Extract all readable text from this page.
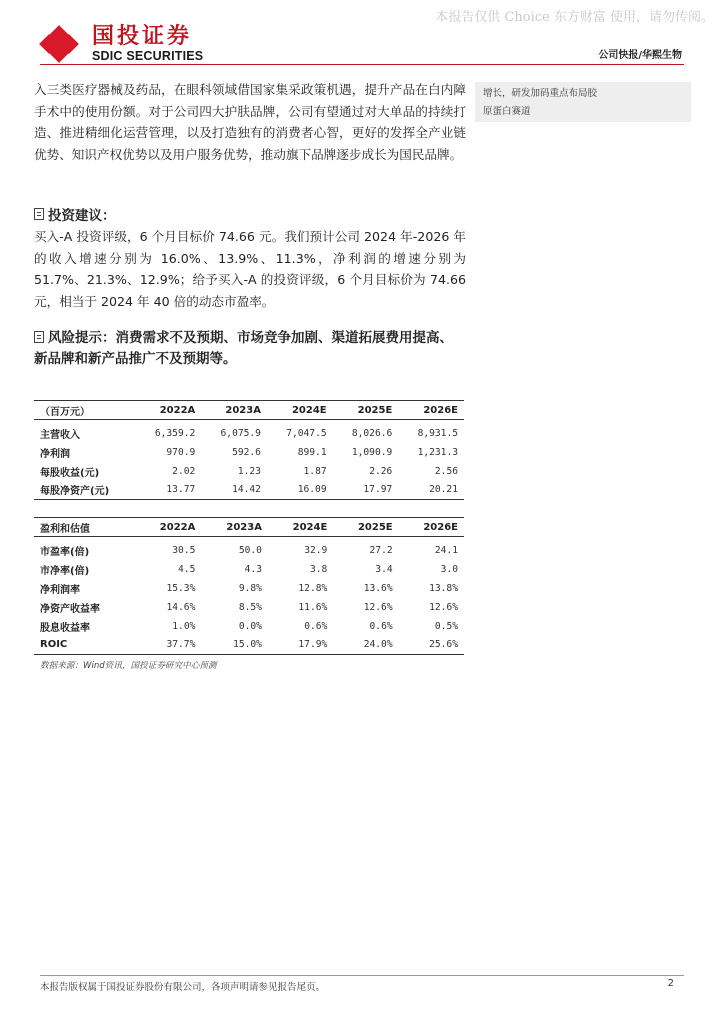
本报告仅供 Choice 东方财富 使用，请勿传阅。
国投证券
SDIC SECURITIES	公司快报/华熙生物
入三类医疗器械及药品，在眼科领域借国家集采政策机遇，提升产品在白内障手术中的使用份额。对于公司四大护肤品牌，公司有望通过对大单品的持续打造、推进精细化运营管理，以及打造独有的消费者心智，更好的发挥全产业链优势、知识产权优势以及用户服务优势，推动旗下品牌逐步成长为国民品牌。
增长，研发加码重点布局胶
原蛋白赛道
投资建议：
买入-A 投资评级，6 个月目标价 74.66 元。我们预计公司 2024 年-2026 年的收入增速分别为 16.0%、13.9%、11.3%，净利润的增速分别为 51.7%、21.3%、12.9%；给予买入-A 的投资评级，6 个月目标价为 74.66 元，相当于 2024 年 40 倍的动态市盈率。
风险提示：消费需求不及预期、市场竞争加剧、渠道拓展费用提高、新品牌和新产品推广不及预期等。
（百万元）	2022A	2023A	2024E	2025E	2026E
主营收入	6,359.2	6,075.9	7,047.5	8,026.6	8,931.5
净利润	970.9	592.6	899.1	1,090.9	1,231.3
每股收益(元)	2.02	1.23	1.87	2.26	2.56
每股净资产(元)	13.77	14.42	16.09	17.97	20.21
盈利和估值	2022A	2023A	2024E	2025E	2026E
市盈率(倍)	30.5	50.0	32.9	27.2	24.1
市净率(倍)	4.5	4.3	3.8	3.4	3.0
净利润率	15.3%	9.8%	12.8%	13.6%	13.8%
净资产收益率	14.6%	8.5%	11.6%	12.6%	12.6%
股息收益率	1.0%	0.0%	0.6%	0.6%	0.5%
ROIC	37.7%	15.0%	17.9%	24.0%	25.6%
数据来源：Wind资讯，国投证券研究中心预测
本报告版权属于国投证券股份有限公司，各项声明请参见报告尾页。	2
